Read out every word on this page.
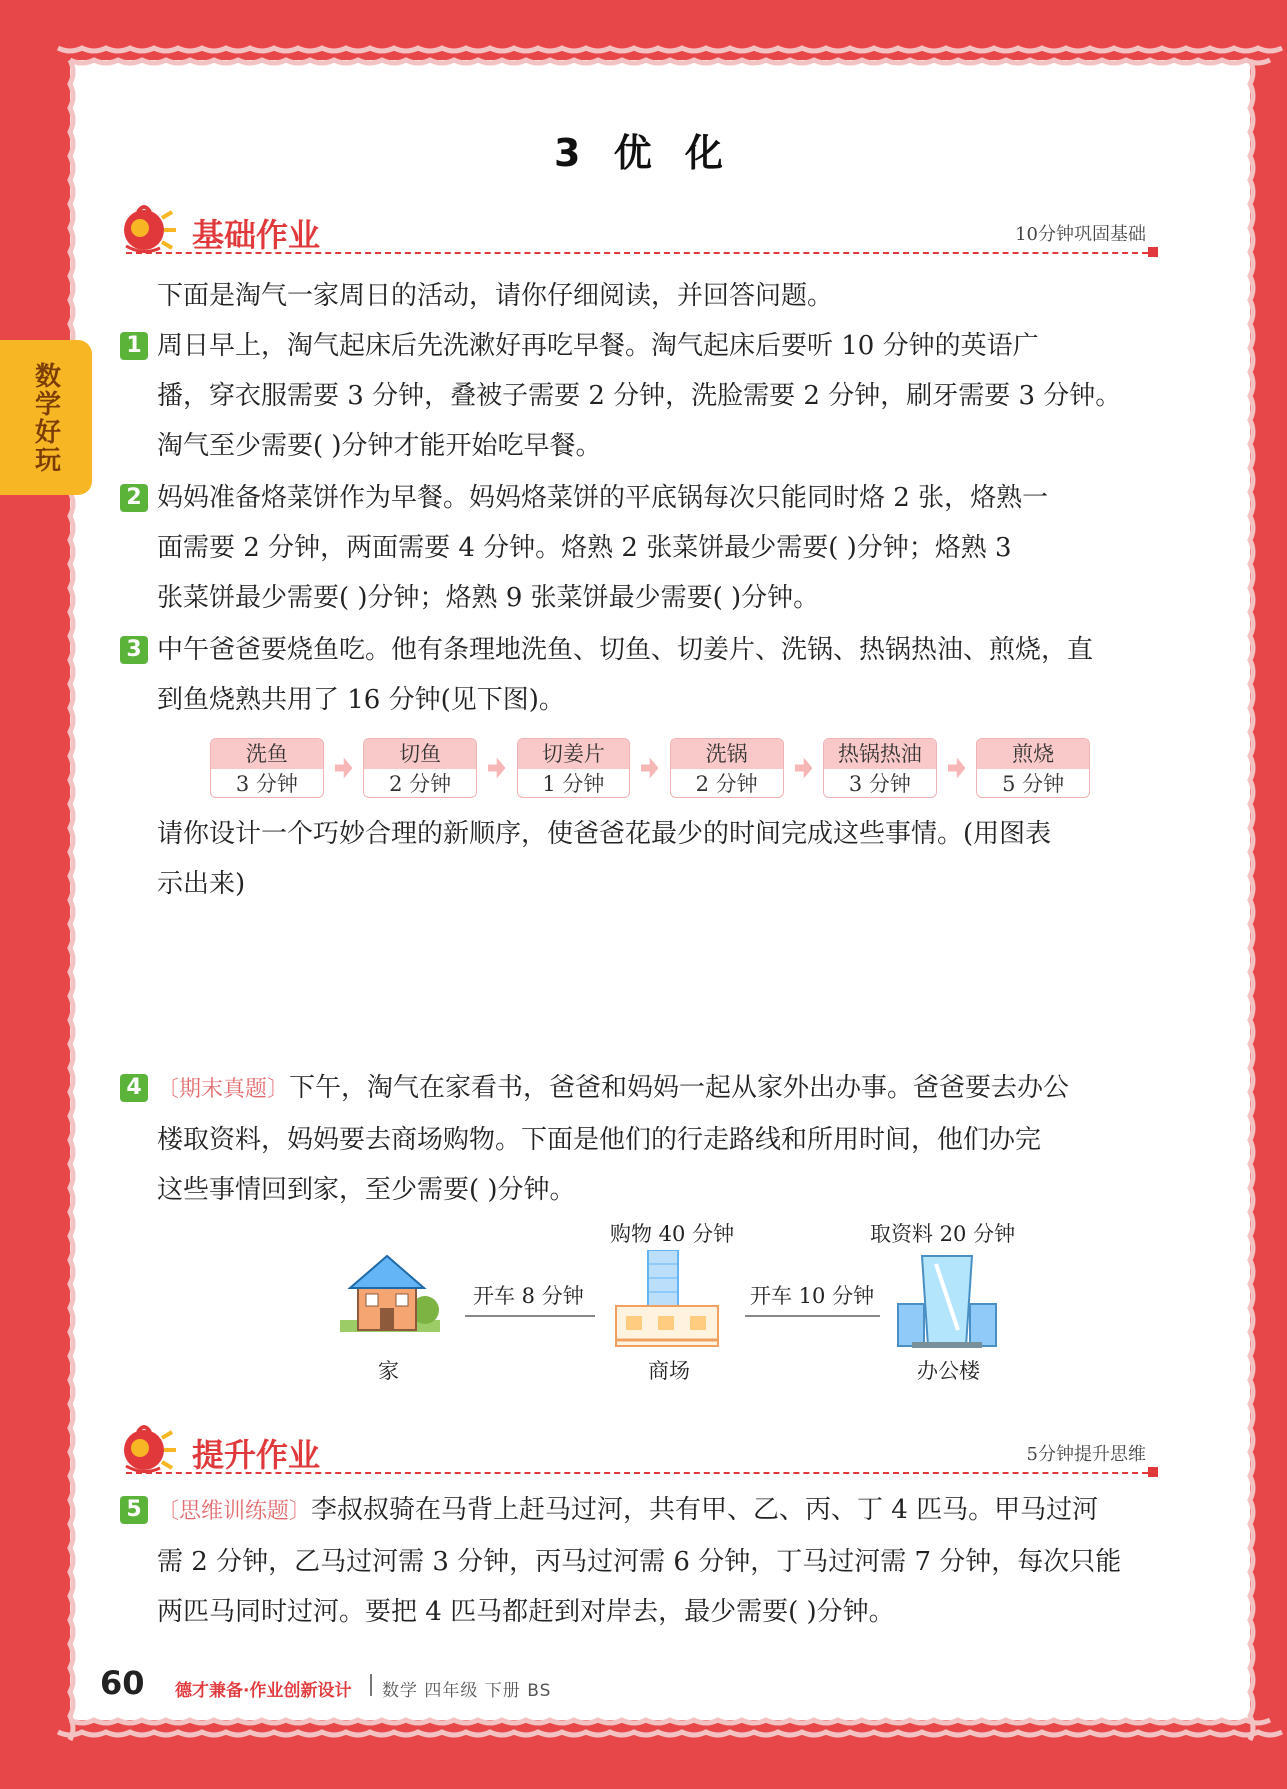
数学好玩
3 优 化
基础作业	10分钟巩固基础
下面是淘气一家周日的活动，请你仔细阅读，并回答问题。
1 周日早上，淘气起床后先洗漱好再吃早餐。淘气起床后要听 10 分钟的英语广
播，穿衣服需要 3 分钟，叠被子需要 2 分钟，洗脸需要 2 分钟，刷牙需要 3 分钟。
淘气至少需要( )分钟才能开始吃早餐。
2 妈妈准备烙菜饼作为早餐。妈妈烙菜饼的平底锅每次只能同时烙 2 张，烙熟一
面需要 2 分钟，两面需要 4 分钟。烙熟 2 张菜饼最少需要( )分钟；烙熟 3
张菜饼最少需要( )分钟；烙熟 9 张菜饼最少需要( )分钟。
3 中午爸爸要烧鱼吃。他有条理地洗鱼、切鱼、切姜片、洗锅、热锅热油、煎烧，直
到鱼烧熟共用了 16 分钟(见下图)。
洗鱼
3 分钟
切鱼
2 分钟
切姜片
1 分钟
洗锅
2 分钟
热锅热油
3 分钟
煎烧
5 分钟
请你设计一个巧妙合理的新顺序，使爸爸花最少的时间完成这些事情。(用图表
示出来)
4 〔期末真题〕下午，淘气在家看书，爸爸和妈妈一起从家外出办事。爸爸要去办公
楼取资料，妈妈要去商场购物。下面是他们的行走路线和所用时间，他们办完
这些事情回到家，至少需要( )分钟。
家
开车 8 分钟
购物 40 分钟
商场
开车 10 分钟
取资料 20 分钟
办公楼
提升作业	5分钟提升思维
5 〔思维训练题〕李叔叔骑在马背上赶马过河，共有甲、乙、丙、丁 4 匹马。甲马过河
需 2 分钟，乙马过河需 3 分钟，丙马过河需 6 分钟，丁马过河需 7 分钟，每次只能
两匹马同时过河。要把 4 匹马都赶到对岸去，最少需要( )分钟。
60 德才兼备·作业创新设计 数学 四年级 下册 BS
